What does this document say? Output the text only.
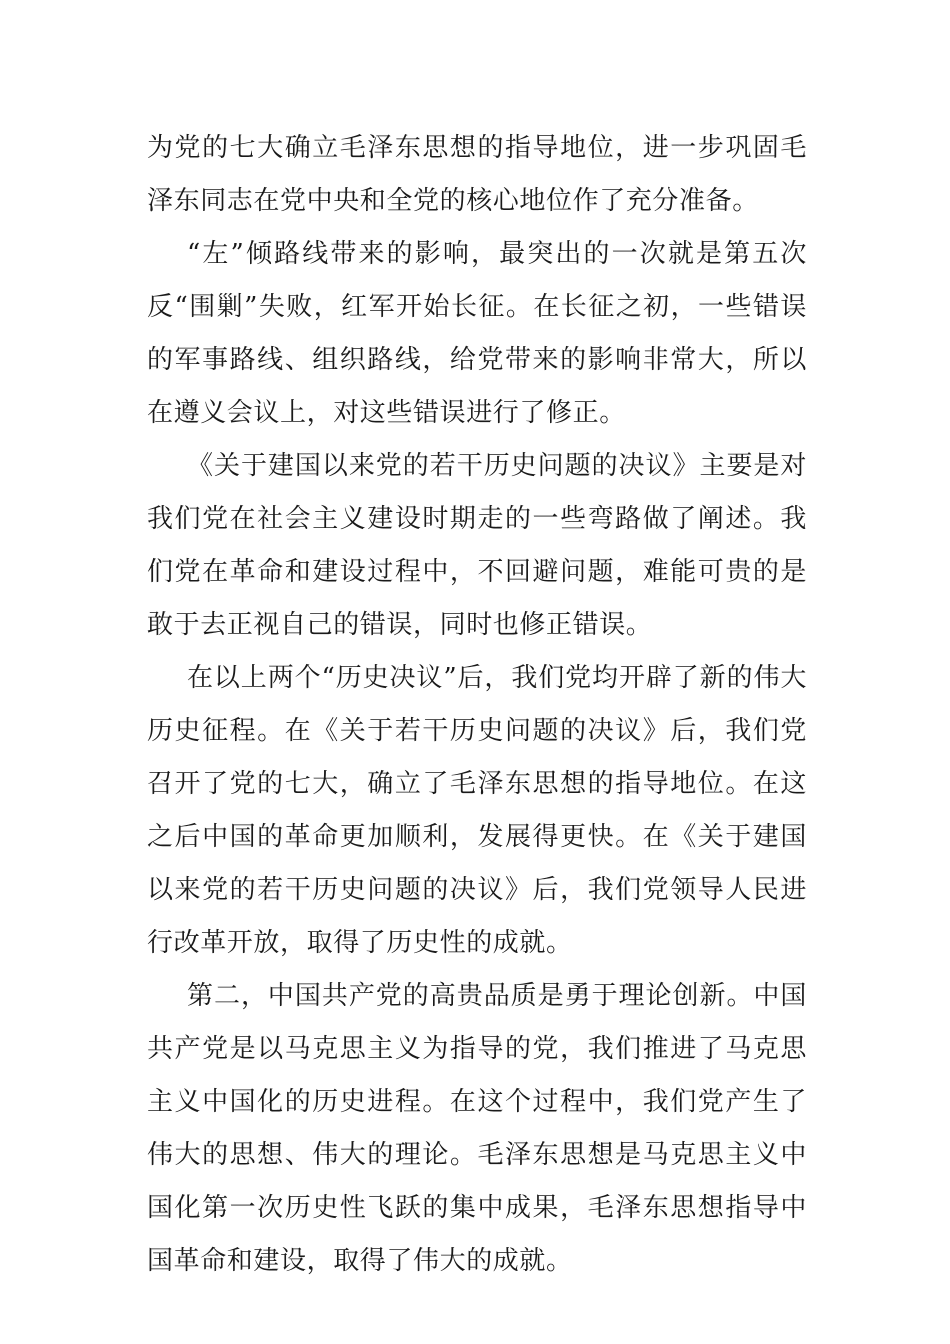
为党的七大确立毛泽东思想的指导地位，进一步巩固毛泽东同志在党中央和全党的核心地位作了充分准备。

“左”倾路线带来的影响，最突出的一次就是第五次反“围剿”失败，红军开始长征。在长征之初，一些错误的军事路线、组织路线，给党带来的影响非常大，所以在遵义会议上，对这些错误进行了修正。

《关于建国以来党的若干历史问题的决议》主要是对我们党在社会主义建设时期走的一些弯路做了阐述。我们党在革命和建设过程中，不回避问题，难能可贵的是敢于去正视自己的错误，同时也修正错误。

在以上两个“历史决议”后，我们党均开辟了新的伟大历史征程。在《关于若干历史问题的决议》后，我们党召开了党的七大，确立了毛泽东思想的指导地位。在这之后中国的革命更加顺利，发展得更快。在《关于建国以来党的若干历史问题的决议》后，我们党领导人民进行改革开放，取得了历史性的成就。

第二，中国共产党的高贵品质是勇于理论创新。中国共产党是以马克思主义为指导的党，我们推进了马克思主义中国化的历史进程。在这个过程中，我们党产生了伟大的思想、伟大的理论。毛泽东思想是马克思主义中国化第一次历史性飞跃的集中成果，毛泽东思想指导中国革命和建设，取得了伟大的成就。
